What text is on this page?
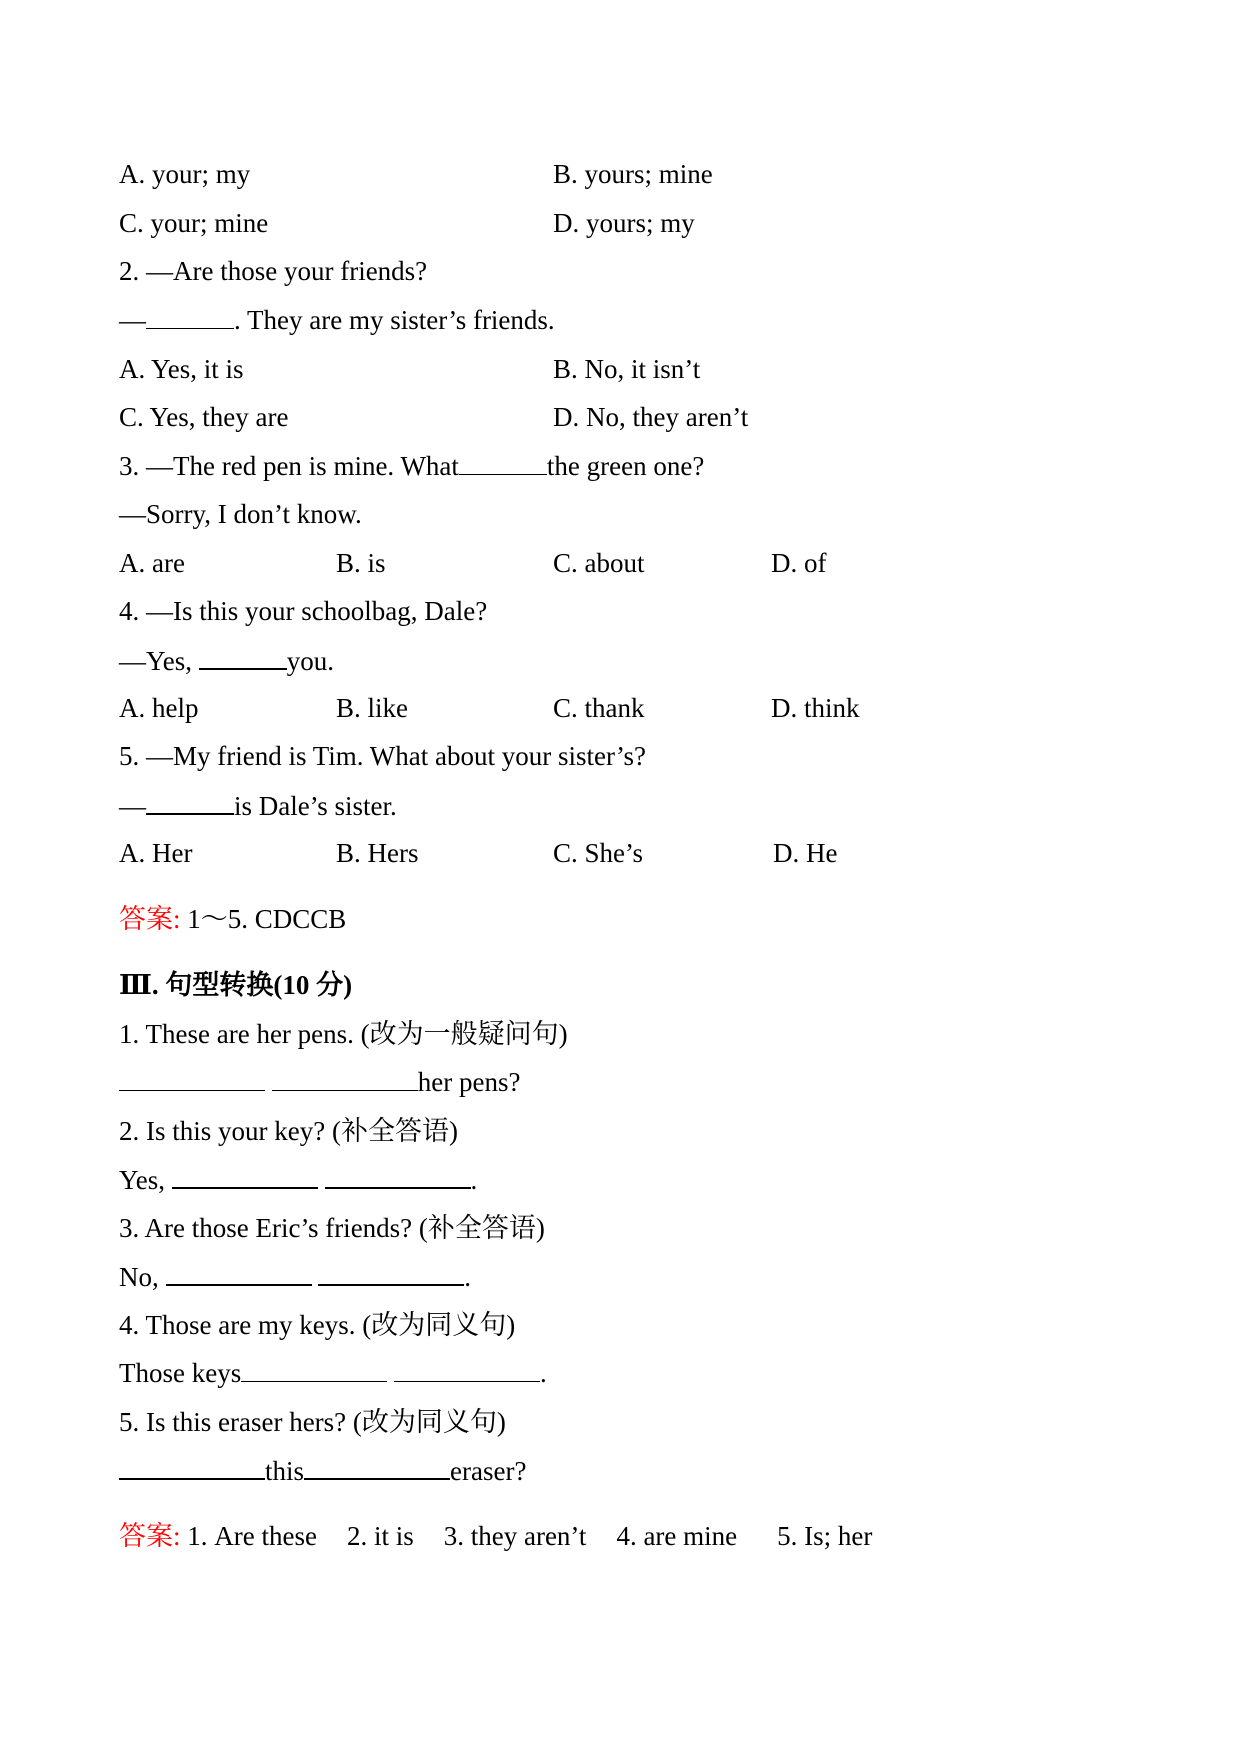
A. your; my	B. yours; mine
C. your; mine	D. yours; my
2. —Are those your friends?
—	. They are my sister’s friends.
A. Yes, it is	B. No, it isn’t
C. Yes, they are	D. No, they aren’t
3. —The red pen is mine. What	the green one?
—Sorry, I don’t know.
A. are	B. is	C. about	D. of
4. —Is this your schoolbag, Dale?
—Yes,	you.
A. help	B. like	C. thank	D. think
5. —My friend is Tim. What about your sister’s?
—	is Dale’s sister.
A. Her	B. Hers	C. She’s	D. He
答案: 1～5. CDCCB
Ⅲ. 句型转换(10 分)
1. These are her pens. (改为一般疑问句)
her pens?
2. Is this your key? (补全答语)
Yes,	.
3. Are those Eric’s friends? (补全答语)
No,	.
4. Those are my keys. (改为同义句)
Those keys	.
5. Is this eraser hers? (改为同义句)
this	eraser?
答案: 1. Are these 2. it is 3. they aren’t 4. are mine 5. Is; her
